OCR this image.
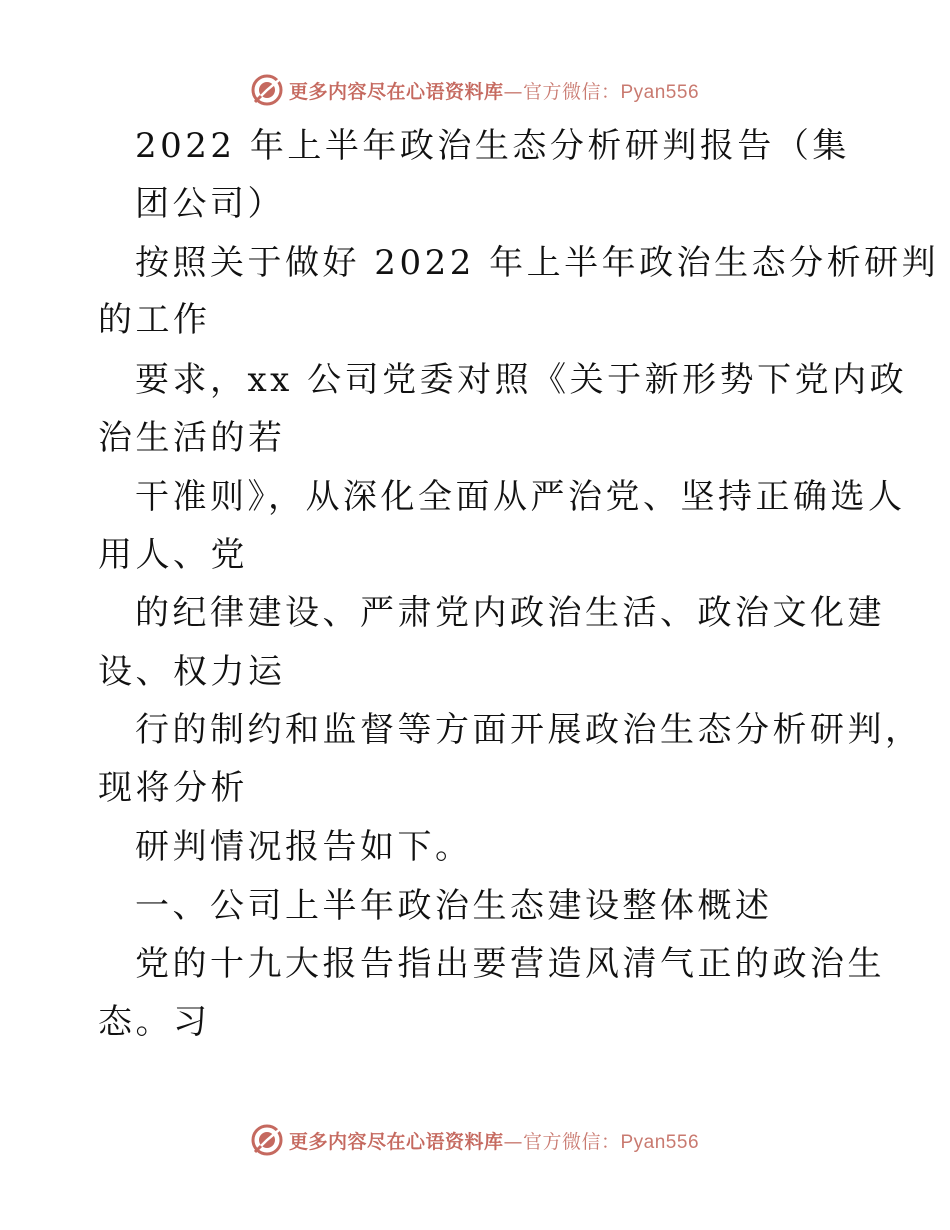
更多内容尽在心语资料库—官方微信：Pyan556
2022 年上半年政治生态分析研判报告（集
团公司）
按照关于做好 2022 年上半年政治生态分析研判
的工作
要求，xx 公司党委对照《关于新形势下党内政
治生活的若
干准则》，从深化全面从严治党、坚持正确选人
用人、党
的纪律建设、严肃党内政治生活、政治文化建
设、权力运
行的制约和监督等方面开展政治生态分析研判，
现将分析
研判情况报告如下。
一、公司上半年政治生态建设整体概述
党的十九大报告指出要营造风清气正的政治生
态。习
更多内容尽在心语资料库—官方微信：Pyan556
